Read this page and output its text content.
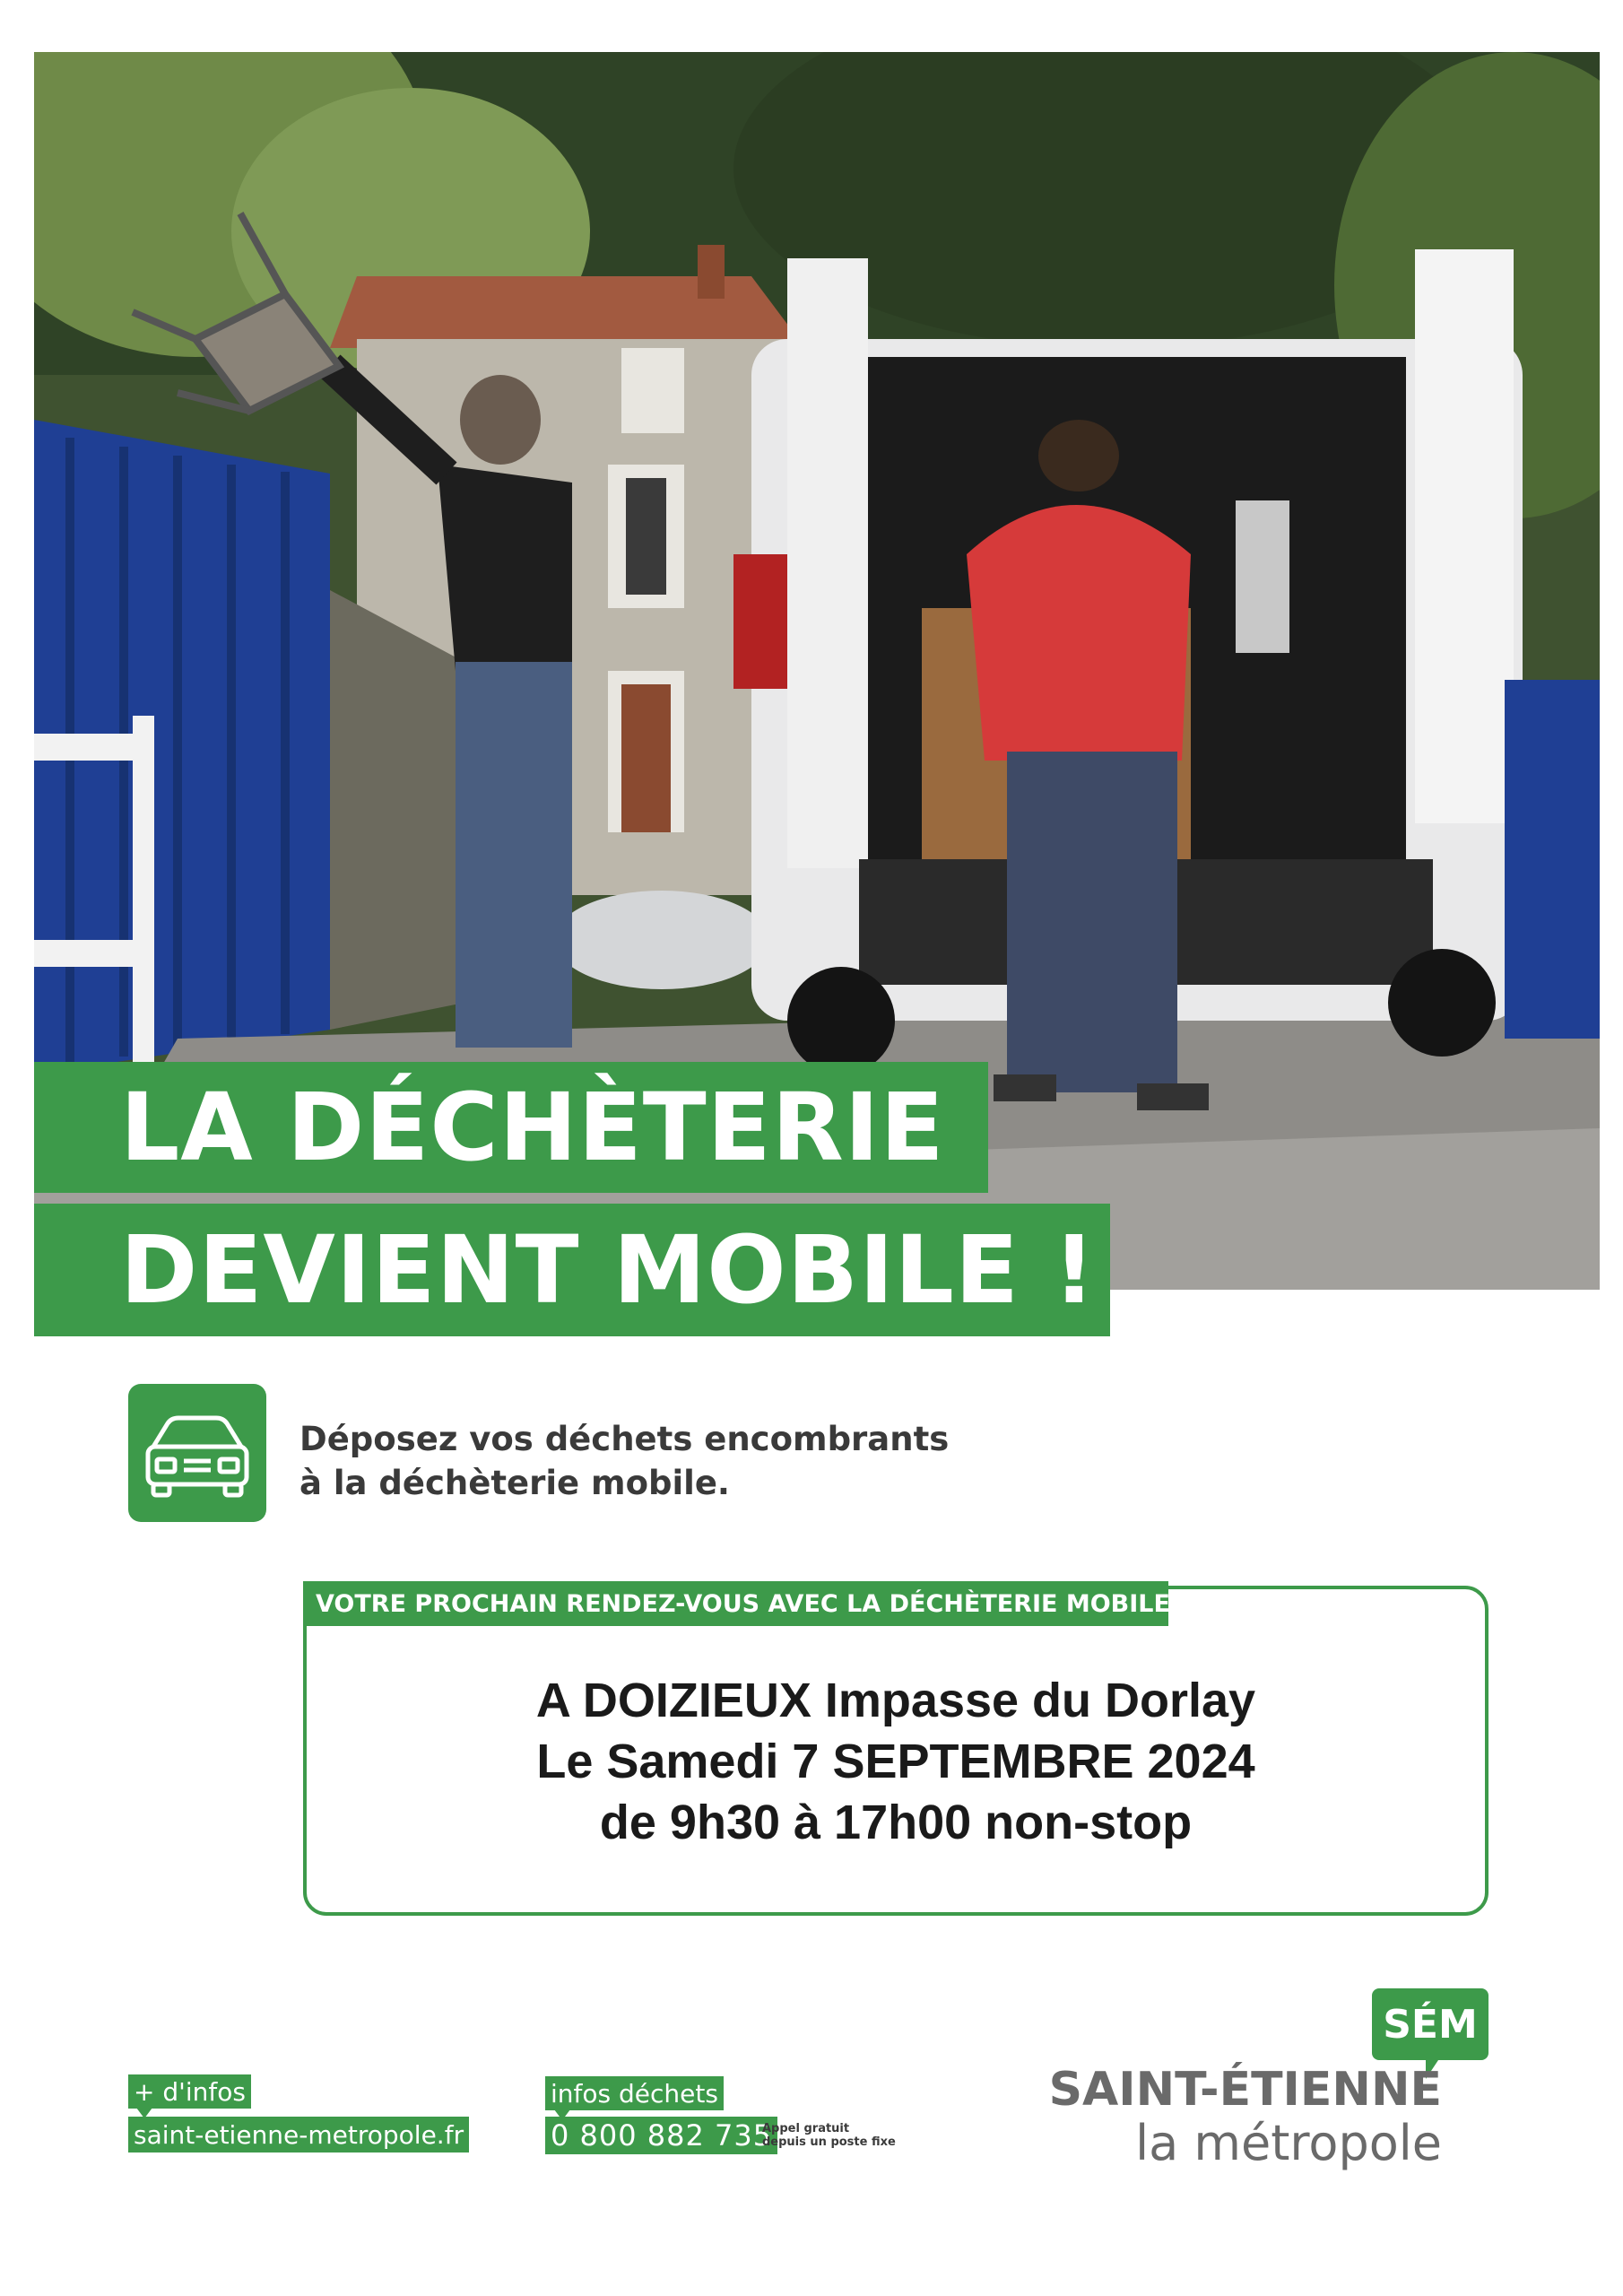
LA DÉCHÈTERIE
DEVIENT MOBILE !
Déposez vos déchets encombrants
à la déchèterie mobile.
VOTRE PROCHAIN RENDEZ-VOUS AVEC LA DÉCHÈTERIE MOBILE :
A DOIZIEUX Impasse du Dorlay
Le Samedi 7 SEPTEMBRE 2024
de 9h30 à 17h00 non-stop
+ d'infos
saint-etienne-metropole.fr
infos déchets
0 800 882 735
Appel gratuit
depuis un poste fixe
SÉM
SAINT-ÉTIENNE
la métropole
